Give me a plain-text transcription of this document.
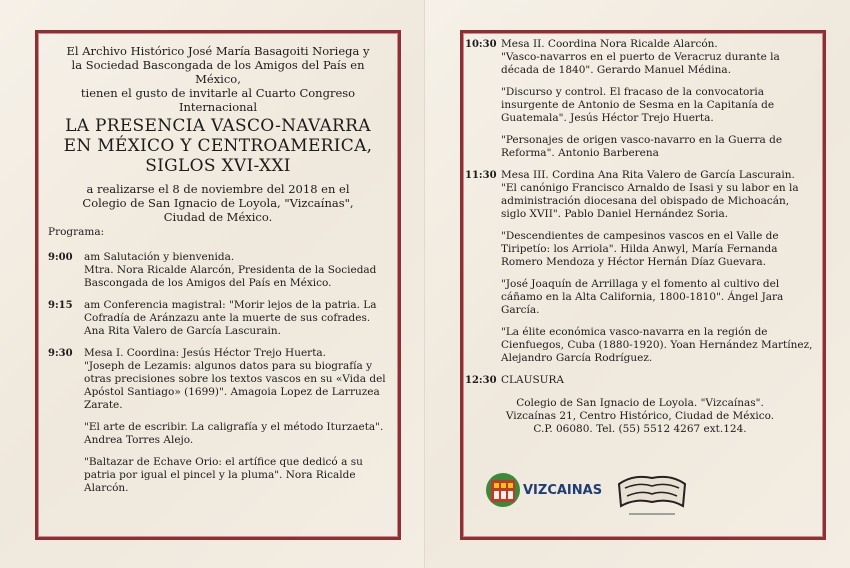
El Archivo Histórico José María Basagoiti Noriega y
la Sociedad Bascongada de los Amigos del País en México,
tienen el gusto de invitarle al Cuarto Congreso Internacional
LA PRESENCIA VASCO-NAVARRA
EN MÉXICO Y CENTROAMERICA,
SIGLOS XVI-XXI
a realizarse el 8 de noviembre del 2018 en el
Colegio de San Ignacio de Loyola, "Vizcaínas",
Ciudad de México.
Programa:
9:00	am Salutación y bienvenida.
Mtra. Nora Ricalde Alarcón, Presidenta de la Sociedad Bascongada de los Amigos del País en México.
9:15	am Conferencia magistral: "Morir lejos de la patria. La Cofradía de Aránzazu ante la muerte de sus cofrades.
Ana Rita Valero de García Lascurain.
9:30	Mesa I. Coordina: Jesús Héctor Trejo Huerta.
"Joseph de Lezamis: algunos datos para su biografía y otras precisiones sobre los textos vascos en su «Vida del Apóstol Santiago» (1699)". Amagoia Lopez de Larruzea Zarate.
"El arte de escribir. La caligrafía y el método Iturzaeta". Andrea Torres Alejo.
"Baltazar de Echave Orio: el artífice que dedicó a su patria por igual el pincel y la pluma". Nora Ricalde Alarcón.
10:30 Mesa II. Coordina Nora Ricalde Alarcón.
"Vasco-navarros en el puerto de Veracruz durante la década de 1840". Gerardo Manuel Médina.
"Discurso y control. El fracaso de la convocatoria insurgente de Antonio de Sesma en la Capitanía de Guatemala". Jesús Héctor Trejo Huerta.
"Personajes de origen vasco-navarro en la Guerra de Reforma". Antonio Barberena
11:30 Mesa III. Cordina Ana Rita Valero de García Lascurain.
"El canónigo Francisco Arnaldo de Isasi y su labor en la administración diocesana del obispado de Michoacán, siglo XVII". Pablo Daniel Hernández Soria.
"Descendientes de campesinos vascos en el Valle de Tiripetío: los Arriola". Hilda Anwyl, María Fernanda Romero Mendoza y Héctor Hernán Díaz Guevara.
"José Joaquín de Arrillaga y el fomento al cultivo del cáñamo en la Alta California, 1800-1810". Ángel Jara García.
"La élite económica vasco-navarra en la región de Cienfuegos, Cuba (1880-1920). Yoan Hernández Martínez, Alejandro García Rodríguez.
12:30 CLAUSURA
Colegio de San Ignacio de Loyola. "Vizcaínas".
Vizcaínas 21, Centro Histórico, Ciudad de México.
C.P. 06080. Tel. (55) 5512 4267 ext.124.
VIZCAINAS
